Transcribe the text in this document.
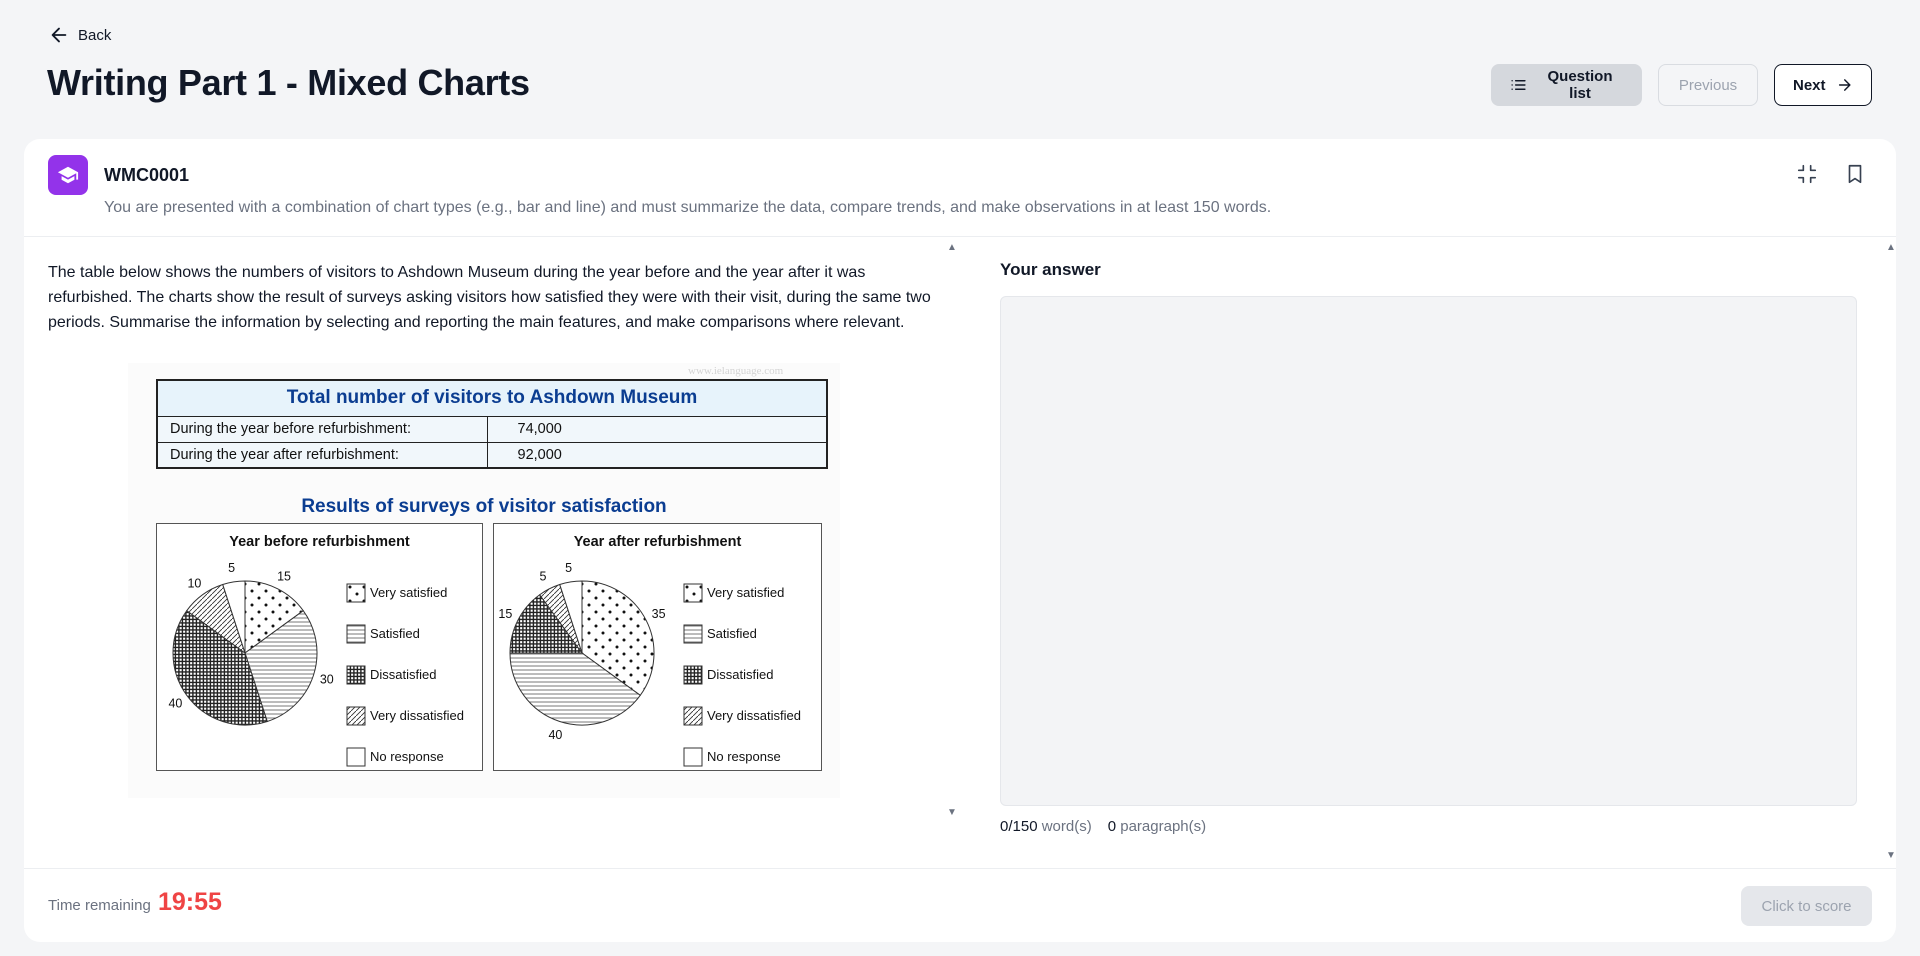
Back
Writing Part 1 - Mixed Charts	Question list	Previous	Next
WMC0001
You are presented with a combination of chart types (e.g., bar and line) and must summarize the data, compare trends, and make observations in at least 150 words.
▲
▼

The table below shows the numbers of visitors to Ashdown Museum during the year before and the year after it was refurbished. The charts show the result of surveys asking visitors how satisfied they were with their visit, during the same two periods. Summarise the information by selecting and reporting the main features, and make comparisons where relevant.

www.ielanguage.com
Total number of visitors to Ashdown Museum	
During the year before refurbishment:	74,000
During the year after refurbishment:	92,000
Results of surveys of visitor satisfaction
Year before refurbishment
15
30
40
10
5
Very satisfied
Satisfied
Dissatisfied
Very dissatisfied
No response
Year after refurbishment
35
40
15
5
5
Very satisfied
Satisfied
Dissatisfied
Very dissatisfied
No response
▲
▼
Your answer
0/150 word(s) 0 paragraph(s)
Time remaining 19:55	Click to score
